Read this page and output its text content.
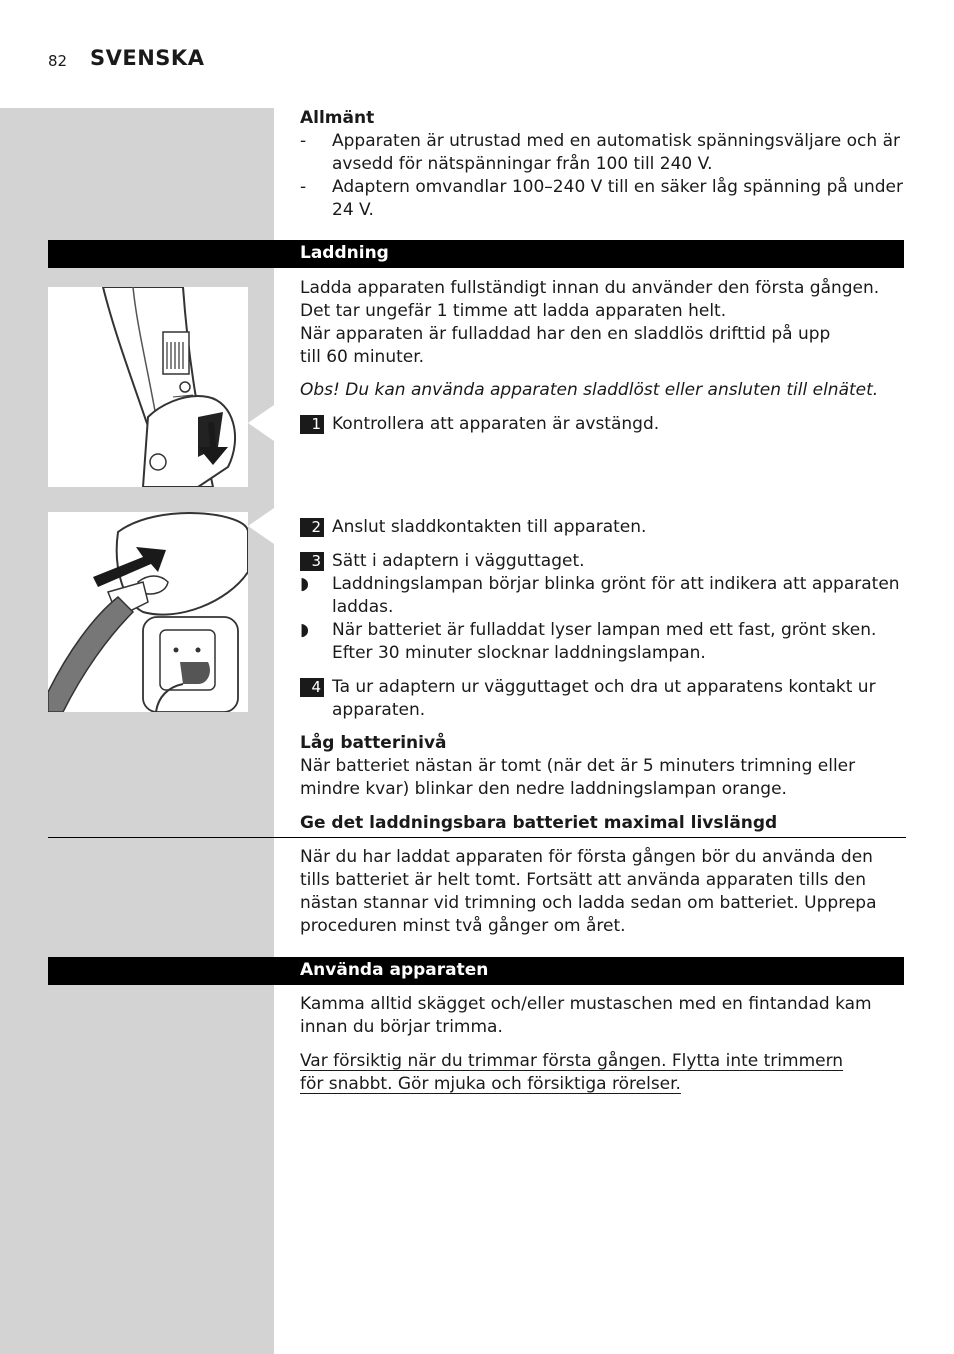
82 SVENSKA
Allmänt
- Apparaten är utrustad med en automatisk spänningsväljare och är avsedd för nätspänningar från 100 till 240 V.
- Adaptern omvandlar 100–240 V till en säker låg spänning på under 24 V.
Laddning
Ladda apparaten fullständigt innan du använder den första gången.
Det tar ungefär 1 timme att ladda apparaten helt.
När apparaten är fulladdad har den en sladdlös drifttid på upp till 60 minuter.
Obs! Du kan använda apparaten sladdlöst eller ansluten till elnätet.
1 Kontrollera att apparaten är avstängd.
2 Anslut sladdkontakten till apparaten.
3 Sätt i adaptern i vägguttaget.
◗ Laddningslampan börjar blinka grönt för att indikera att apparaten laddas.
◗ När batteriet är fulladdat lyser lampan med ett fast, grönt sken. Efter 30 minuter slocknar laddningslampan.
4 Ta ur adaptern ur vägguttaget och dra ut apparatens kontakt ur apparaten.
Låg batterinivå
När batteriet nästan är tomt (när det är 5 minuters trimning eller mindre kvar) blinkar den nedre laddningslampan orange.
Ge det laddningsbara batteriet maximal livslängd
När du har laddat apparaten för första gången bör du använda den tills batteriet är helt tomt. Fortsätt att använda apparaten tills den nästan stannar vid trimning och ladda sedan om batteriet. Upprepa proceduren minst två gånger om året.
Använda apparaten
Kamma alltid skägget och/eller mustaschen med en fintandad kam innan du börjar trimma.
Var försiktig när du trimmar första gången. Flytta inte trimmern för snabbt. Gör mjuka och försiktiga rörelser.
